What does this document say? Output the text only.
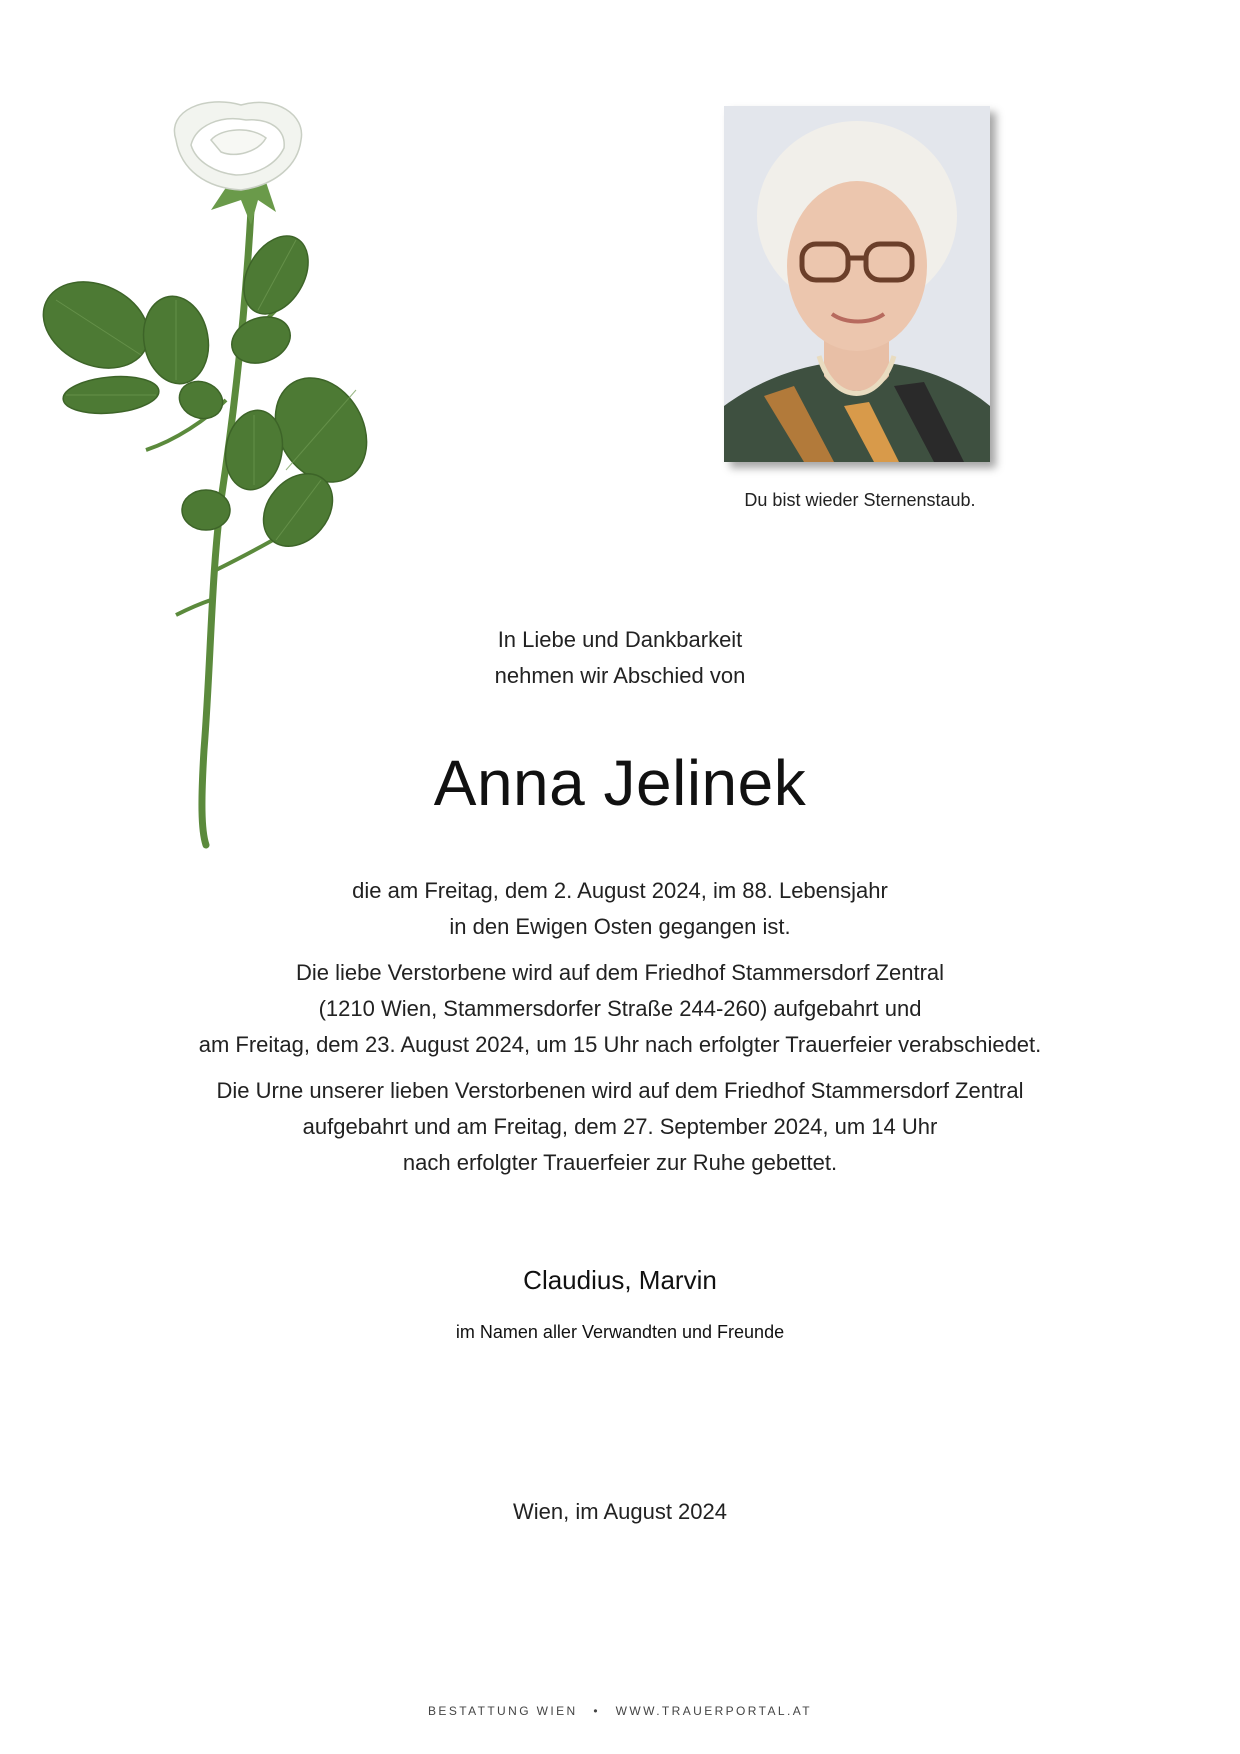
Du bist wieder Sternenstaub.
In Liebe und Dankbarkeit
nehmen wir Abschied von
Anna Jelinek

die am Freitag, dem 2. August 2024, im 88. Lebensjahr
in den Ewigen Osten gegangen ist.

Die liebe Verstorbene wird auf dem Friedhof Stammersdorf Zentral
(1210 Wien, Stammersdorfer Straße 244-260) aufgebahrt und
am Freitag, dem 23. August 2024, um 15 Uhr nach erfolgter Trauerfeier verabschiedet.

Die Urne unserer lieben Verstorbenen wird auf dem Friedhof Stammersdorf Zentral
aufgebahrt und am Freitag, dem 27. September 2024, um 14 Uhr
nach erfolgter Trauerfeier zur Ruhe gebettet.

Claudius, Marvin
im Namen aller Verwandten und Freunde
Wien, im August 2024
BESTATTUNG WIEN • WWW.TRAUERPORTAL.AT
